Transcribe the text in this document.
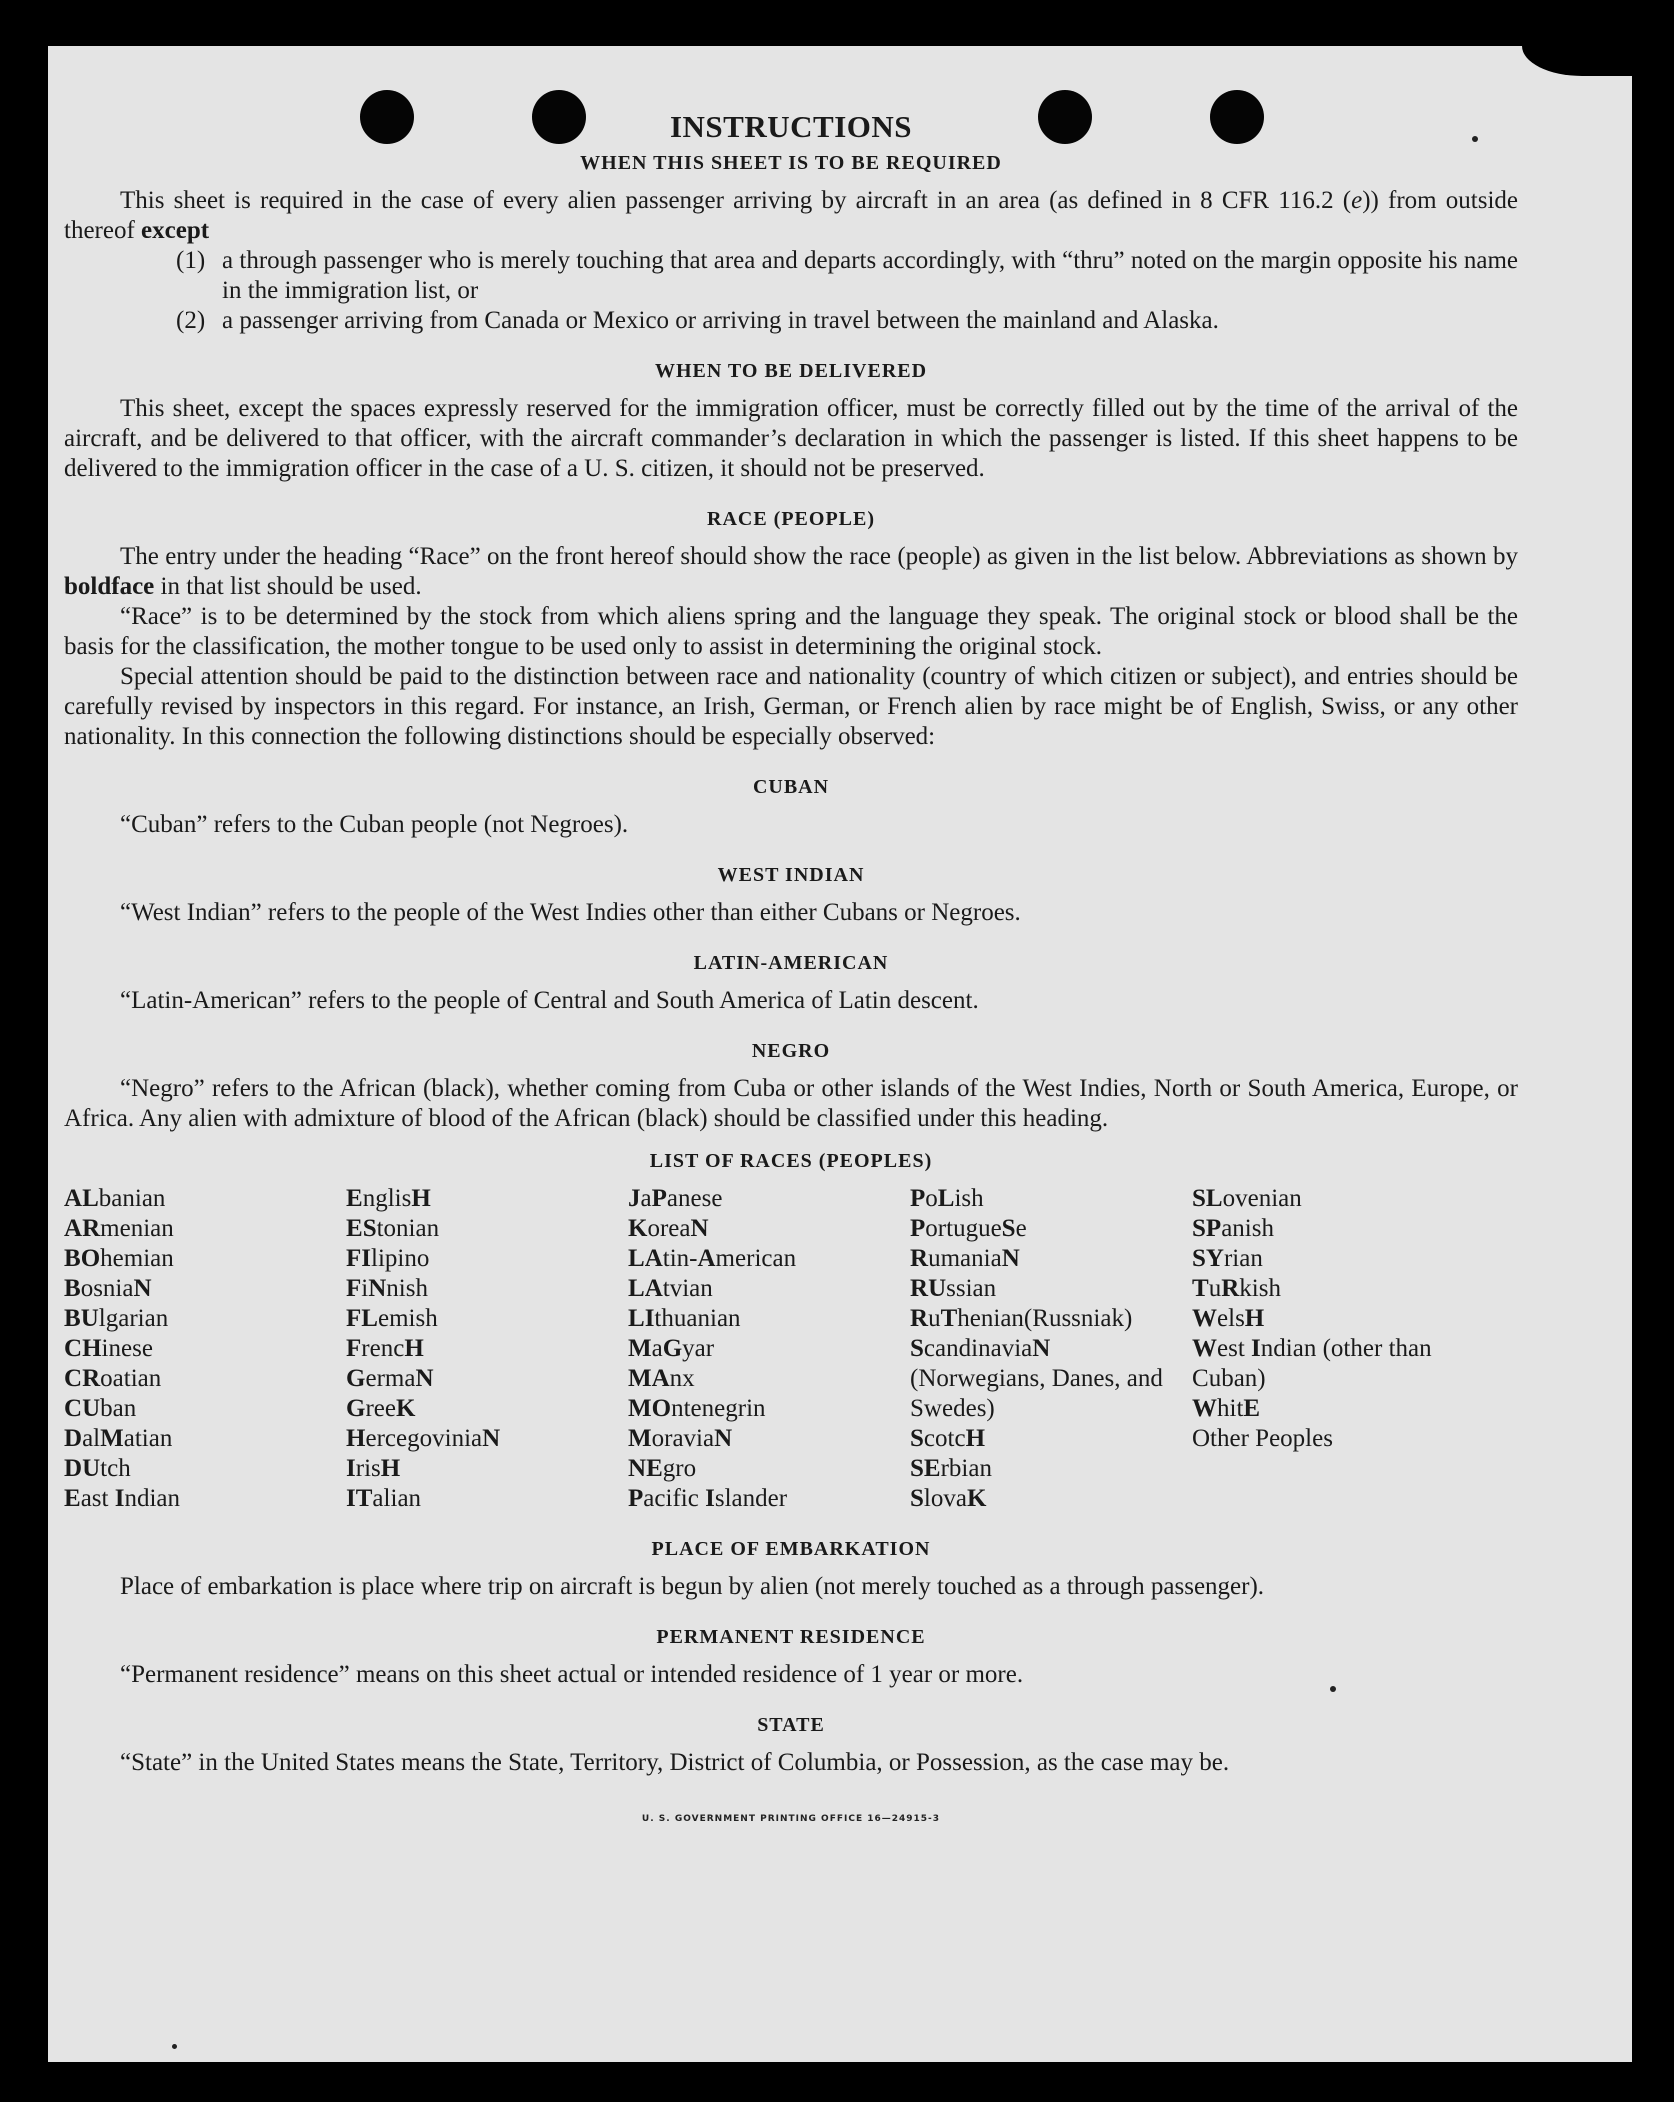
INSTRUCTIONS
WHEN THIS SHEET IS TO BE REQUIRED

This sheet is required in the case of every alien passenger arriving by aircraft in an area (as defined in 8 CFR 116.2 (e)) from outside thereof except

(1) a through passenger who is merely touching that area and departs accordingly, with “thru” noted on the margin opposite his name in the immigration list, or
(2) a passenger arriving from Canada or Mexico or arriving in travel between the mainland and Alaska.
WHEN TO BE DELIVERED

This sheet, except the spaces expressly reserved for the immigration officer, must be correctly filled out by the time of the arrival of the aircraft, and be delivered to that officer, with the aircraft commander’s declaration in which the passenger is listed. If this sheet happens to be delivered to the immigration officer in the case of a U. S. citizen, it should not be preserved.

RACE (PEOPLE)

The entry under the heading “Race” on the front hereof should show the race (people) as given in the list below. Abbreviations as shown by boldface in that list should be used.

“Race” is to be determined by the stock from which aliens spring and the language they speak. The original stock or blood shall be the basis for the classification, the mother tongue to be used only to assist in determining the original stock.

Special attention should be paid to the distinction between race and nationality (country of which citizen or subject), and entries should be carefully revised by inspectors in this regard. For instance, an Irish, German, or French alien by race might be of English, Swiss, or any other nationality. In this connection the following distinctions should be especially observed:

CUBAN

“Cuban” refers to the Cuban people (not Negroes).

WEST INDIAN

“West Indian” refers to the people of the West Indies other than either Cubans or Negroes.

LATIN-AMERICAN

“Latin-American” refers to the people of Central and South America of Latin descent.

NEGRO

“Negro” refers to the African (black), whether coming from Cuba or other islands of the West Indies, North or South America, Europe, or Africa. Any alien with admixture of blood of the African (black) should be classified under this heading.

LIST OF RACES (PEOPLES)
ALbanian
ARmenian
BOhemian
BosniaN
BUlgarian
CHinese
CRoatian
CUban
DalMatian
DUtch
East Indian
EnglisH
EStonian
FIlipino
FiNnish
FLemish
FrencH
GermaN
GreeK
HercegoviniaN
IrisH
ITalian
JaPanese
KoreaN
LAtin-American
LAtvian
LIthuanian
MaGyar
MAnx
MOntenegrin
MoraviaN
NEgro
Pacific Islander
PoLish
PortugueSe
RumaniaN
RUssian
RuThenian(Russniak)
ScandinaviaN (Norwegians, Danes, and Swedes)
ScotcH
SErbian
SlovaK
SLovenian
SPanish
SYrian
TuRkish
WelsH
West Indian (other than Cuban)
WhitE
Other Peoples
PLACE OF EMBARKATION

Place of embarkation is place where trip on aircraft is begun by alien (not merely touched as a through passenger).

PERMANENT RESIDENCE

“Permanent residence” means on this sheet actual or intended residence of 1 year or more.

STATE

“State” in the United States means the State, Territory, District of Columbia, or Possession, as the case may be.

U. S. GOVERNMENT PRINTING OFFICE 16—24915-3
